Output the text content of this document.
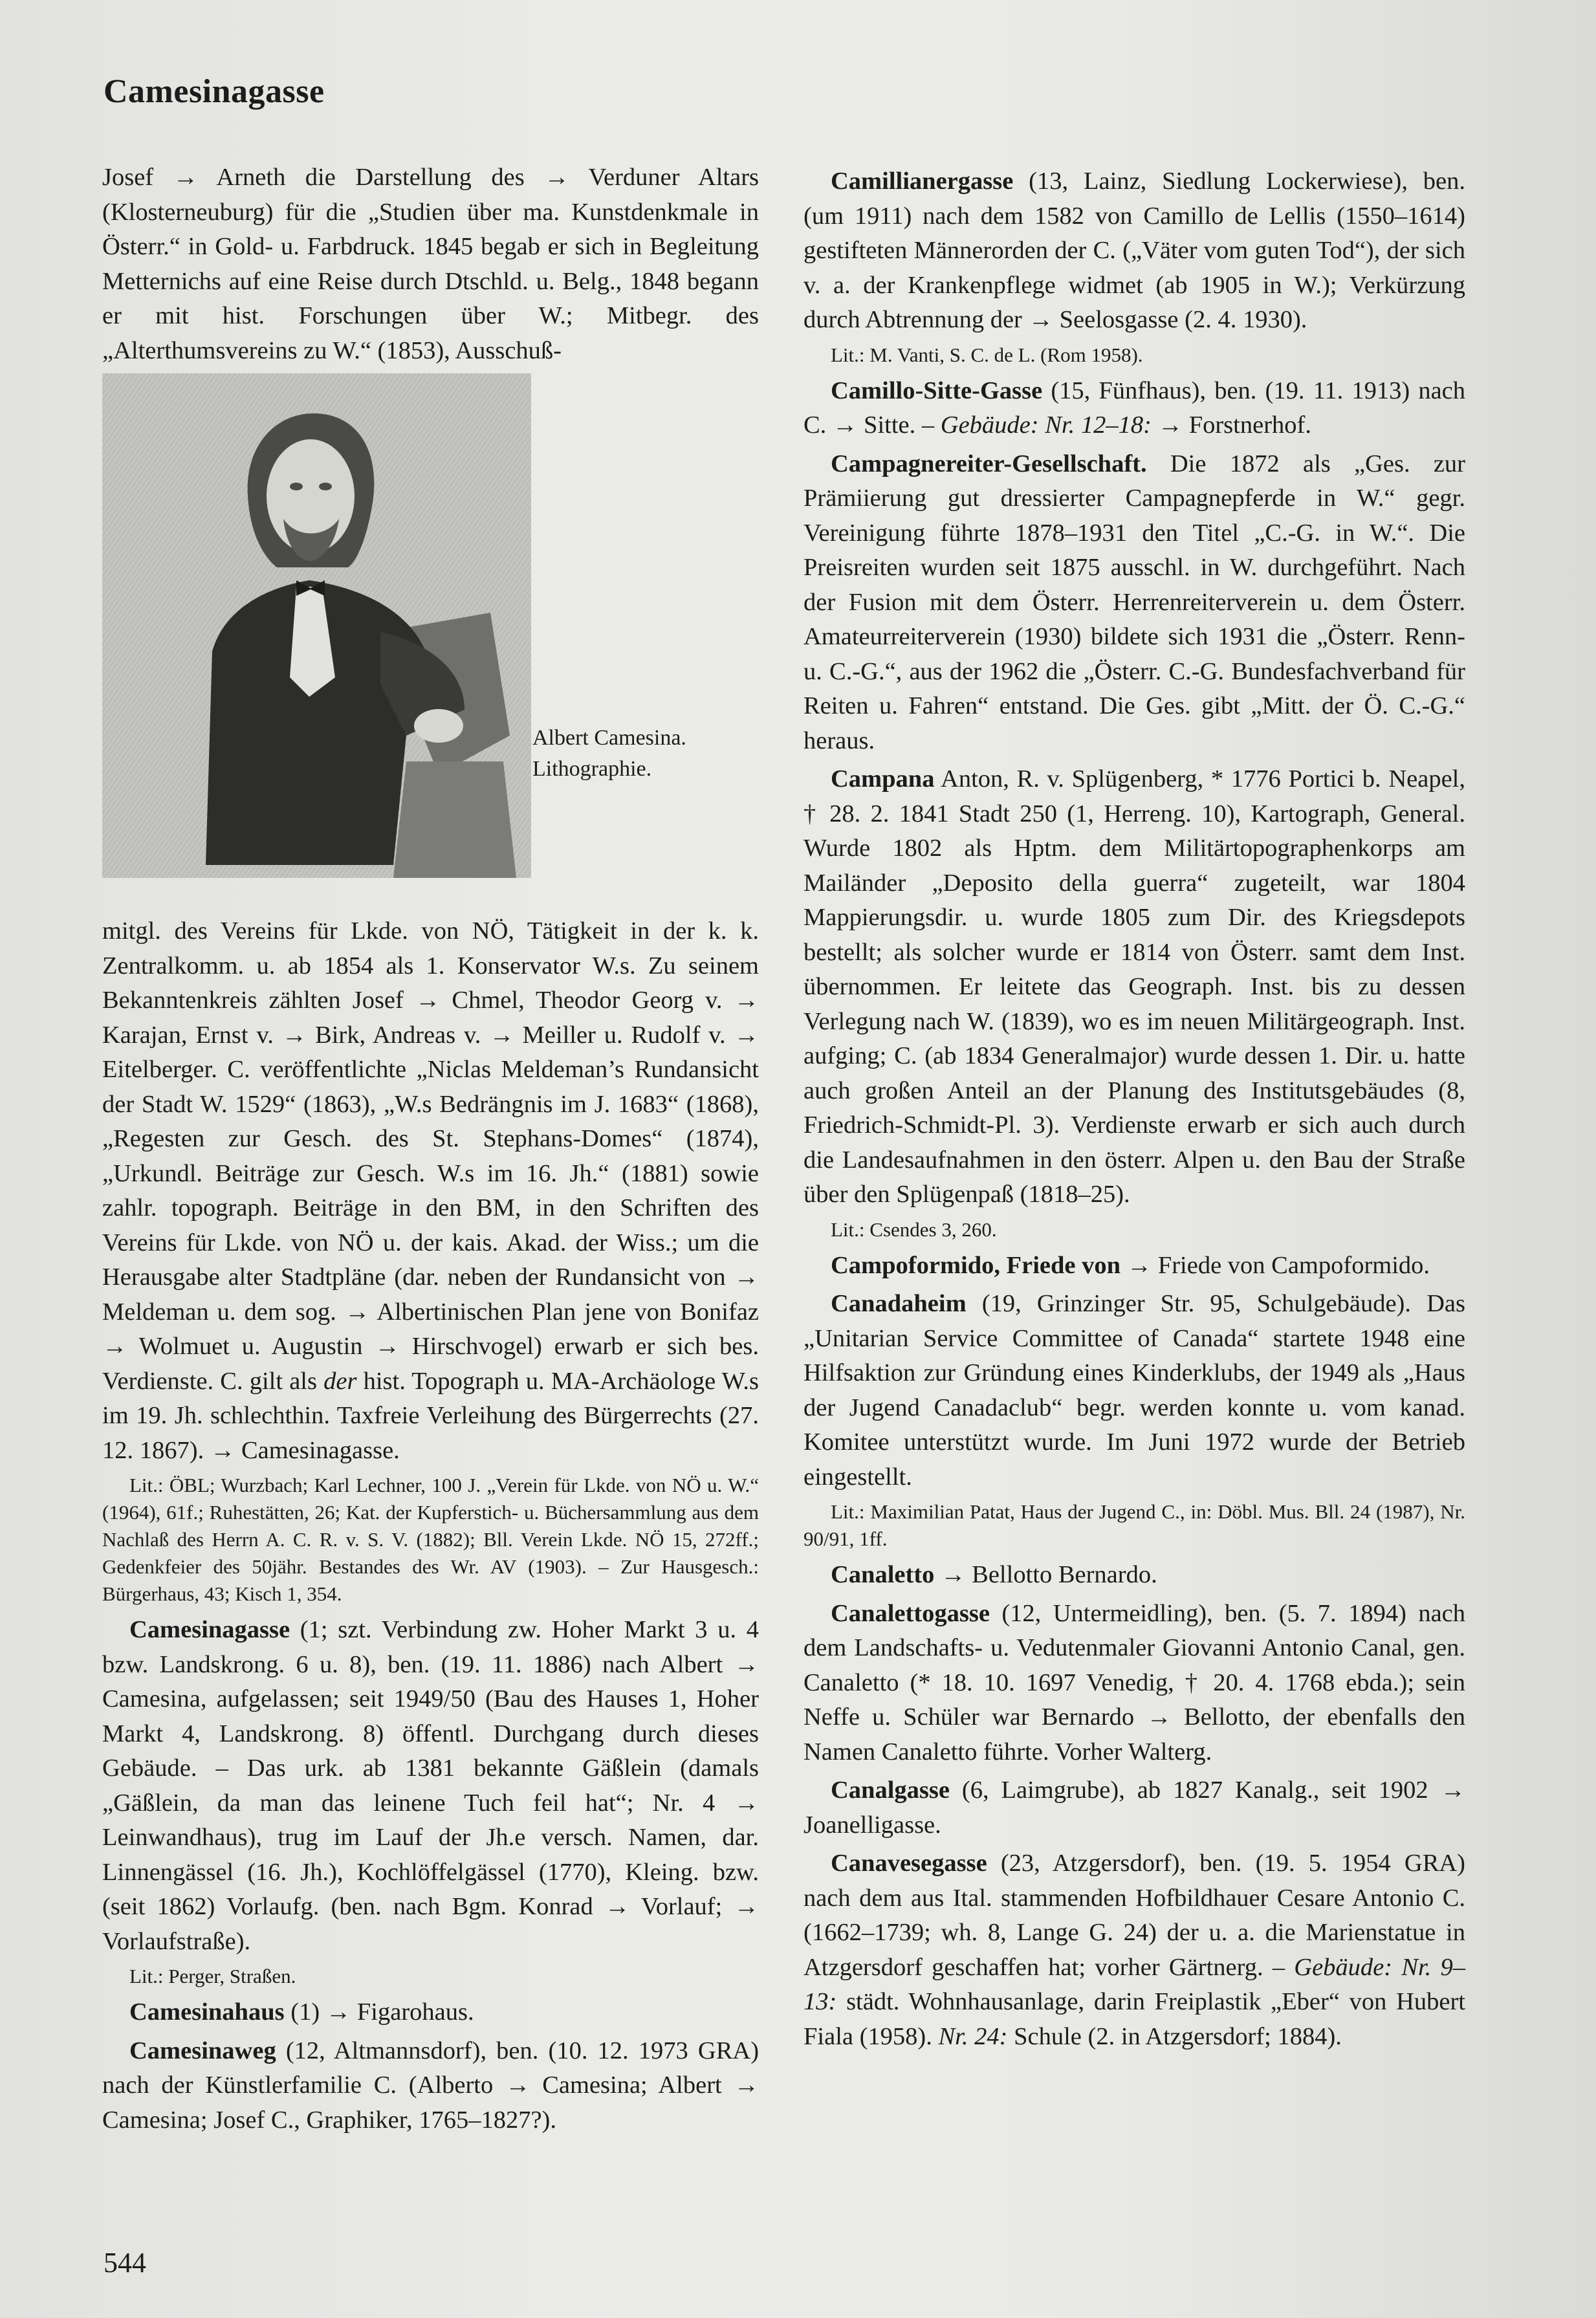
Camesinagasse

Josef → Arneth die Darstellung des → Verduner Altars (Klosterneuburg) für die „Studien über ma. Kunstdenkmale in Österr.“ in Gold- u. Farbdruck. 1845 begab er sich in Begleitung Metternichs auf eine Reise durch Dtschld. u. Belg., 1848 begann er mit hist. Forschungen über W.; Mitbegr. des „Alterthumsvereins zu W.“ (1853), Ausschuß-

Albert Camesina.
Lithographie.

mitgl. des Vereins für Lkde. von NÖ, Tätigkeit in der k. k. Zentralkomm. u. ab 1854 als 1. Konservator W.s. Zu seinem Bekanntenkreis zählten Josef → Chmel, Theodor Georg v. → Karajan, Ernst v. → Birk, Andreas v. → Meiller u. Rudolf v. → Eitelberger. C. veröffentlichte „Niclas Meldeman’s Rundansicht der Stadt W. 1529“ (1863), „W.s Bedrängnis im J. 1683“ (1868), „Regesten zur Gesch. des St. Stephans-Domes“ (1874), „Urkundl. Beiträge zur Gesch. W.s im 16. Jh.“ (1881) sowie zahlr. topograph. Beiträge in den BM, in den Schriften des Vereins für Lkde. von NÖ u. der kais. Akad. der Wiss.; um die Herausgabe alter Stadtpläne (dar. neben der Rundansicht von → Meldeman u. dem sog. → Albertinischen Plan jene von Bonifaz → Wolmuet u. Augustin → Hirschvogel) erwarb er sich bes. Verdienste. C. gilt als der hist. Topograph u. MA-Archäologe W.s im 19. Jh. schlechthin. Taxfreie Verleihung des Bürgerrechts (27. 12. 1867). → Camesinagasse.

Lit.: ÖBL; Wurzbach; Karl Lechner, 100 J. „Verein für Lkde. von NÖ u. W.“ (1964), 61f.; Ruhestätten, 26; Kat. der Kupferstich- u. Büchersammlung aus dem Nachlaß des Herrn A. C. R. v. S. V. (1882); Bll. Verein Lkde. NÖ 15, 272ff.; Gedenkfeier des 50jähr. Bestandes des Wr. AV (1903). – Zur Hausgesch.: Bürgerhaus, 43; Kisch 1, 354.

Camesinagasse (1; szt. Verbindung zw. Hoher Markt 3 u. 4 bzw. Landskrong. 6 u. 8), ben. (19. 11. 1886) nach Albert → Camesina, aufgelassen; seit 1949/50 (Bau des Hauses 1, Hoher Markt 4, Landskrong. 8) öffentl. Durchgang durch dieses Gebäude. – Das urk. ab 1381 bekannte Gäßlein (damals „Gäßlein, da man das leinene Tuch feil hat“; Nr. 4 → Leinwandhaus), trug im Lauf der Jh.e versch. Namen, dar. Linnengässel (16. Jh.), Kochlöffelgässel (1770), Kleing. bzw. (seit 1862) Vorlaufg. (ben. nach Bgm. Konrad → Vorlauf; → Vorlaufstraße).

Lit.: Perger, Straßen.

Camesinahaus (1) → Figarohaus.

Camesinaweg (12, Altmannsdorf), ben. (10. 12. 1973 GRA) nach der Künstlerfamilie C. (Alberto → Camesina; Albert → Camesina; Josef C., Graphiker, 1765–1827?).

Camillianergasse (13, Lainz, Siedlung Lockerwiese), ben. (um 1911) nach dem 1582 von Camillo de Lellis (1550–1614) gestifteten Männerorden der C. („Väter vom guten Tod“), der sich v. a. der Krankenpflege widmet (ab 1905 in W.); Verkürzung durch Abtrennung der → Seelosgasse (2. 4. 1930).

Lit.: M. Vanti, S. C. de L. (Rom 1958).

Camillo-Sitte-Gasse (15, Fünfhaus), ben. (19. 11. 1913) nach C. → Sitte. – Gebäude: Nr. 12–18: → Forstnerhof.

Campagnereiter-Gesellschaft. Die 1872 als „Ges. zur Prämiierung gut dressierter Campagnepferde in W.“ gegr. Vereinigung führte 1878–1931 den Titel „C.-G. in W.“. Die Preisreiten wurden seit 1875 ausschl. in W. durchgeführt. Nach der Fusion mit dem Österr. Herrenreiterverein u. dem Österr. Amateurreiterverein (1930) bildete sich 1931 die „Österr. Renn- u. C.-G.“, aus der 1962 die „Österr. C.-G. Bundesfachverband für Reiten u. Fahren“ entstand. Die Ges. gibt „Mitt. der Ö. C.-G.“ heraus.

Campana Anton, R. v. Splügenberg, * 1776 Portici b. Neapel, † 28. 2. 1841 Stadt 250 (1, Herreng. 10), Kartograph, General. Wurde 1802 als Hptm. dem Militärtopographenkorps am Mailänder „Deposito della guerra“ zugeteilt, war 1804 Mappierungsdir. u. wurde 1805 zum Dir. des Kriegsdepots bestellt; als solcher wurde er 1814 von Österr. samt dem Inst. übernommen. Er leitete das Geograph. Inst. bis zu dessen Verlegung nach W. (1839), wo es im neuen Militärgeograph. Inst. aufging; C. (ab 1834 Generalmajor) wurde dessen 1. Dir. u. hatte auch großen Anteil an der Planung des Institutsgebäudes (8, Friedrich-Schmidt-Pl. 3). Verdienste erwarb er sich auch durch die Landesaufnahmen in den österr. Alpen u. den Bau der Straße über den Splügenpaß (1818–25).

Lit.: Csendes 3, 260.

Campoformido, Friede von → Friede von Campoformido.

Canadaheim (19, Grinzinger Str. 95, Schulgebäude). Das „Unitarian Service Committee of Canada“ startete 1948 eine Hilfsaktion zur Gründung eines Kinderklubs, der 1949 als „Haus der Jugend Canadaclub“ begr. werden konnte u. vom kanad. Komitee unterstützt wurde. Im Juni 1972 wurde der Betrieb eingestellt.

Lit.: Maximilian Patat, Haus der Jugend C., in: Döbl. Mus. Bll. 24 (1987), Nr. 90/91, 1ff.

Canaletto → Bellotto Bernardo.

Canalettogasse (12, Untermeidling), ben. (5. 7. 1894) nach dem Landschafts- u. Vedutenmaler Giovanni Antonio Canal, gen. Canaletto (* 18. 10. 1697 Venedig, † 20. 4. 1768 ebda.); sein Neffe u. Schüler war Bernardo → Bellotto, der ebenfalls den Namen Canaletto führte. Vorher Walterg.

Canalgasse (6, Laimgrube), ab 1827 Kanalg., seit 1902 → Joanelligasse.

Canavesegasse (23, Atzgersdorf), ben. (19. 5. 1954 GRA) nach dem aus Ital. stammenden Hofbildhauer Cesare Antonio C. (1662–1739; wh. 8, Lange G. 24) der u. a. die Marienstatue in Atzgersdorf geschaffen hat; vorher Gärtnerg. – Gebäude: Nr. 9–13: städt. Wohnhausanlage, darin Freiplastik „Eber“ von Hubert Fiala (1958). Nr. 24: Schule (2. in Atzgersdorf; 1884).

544
